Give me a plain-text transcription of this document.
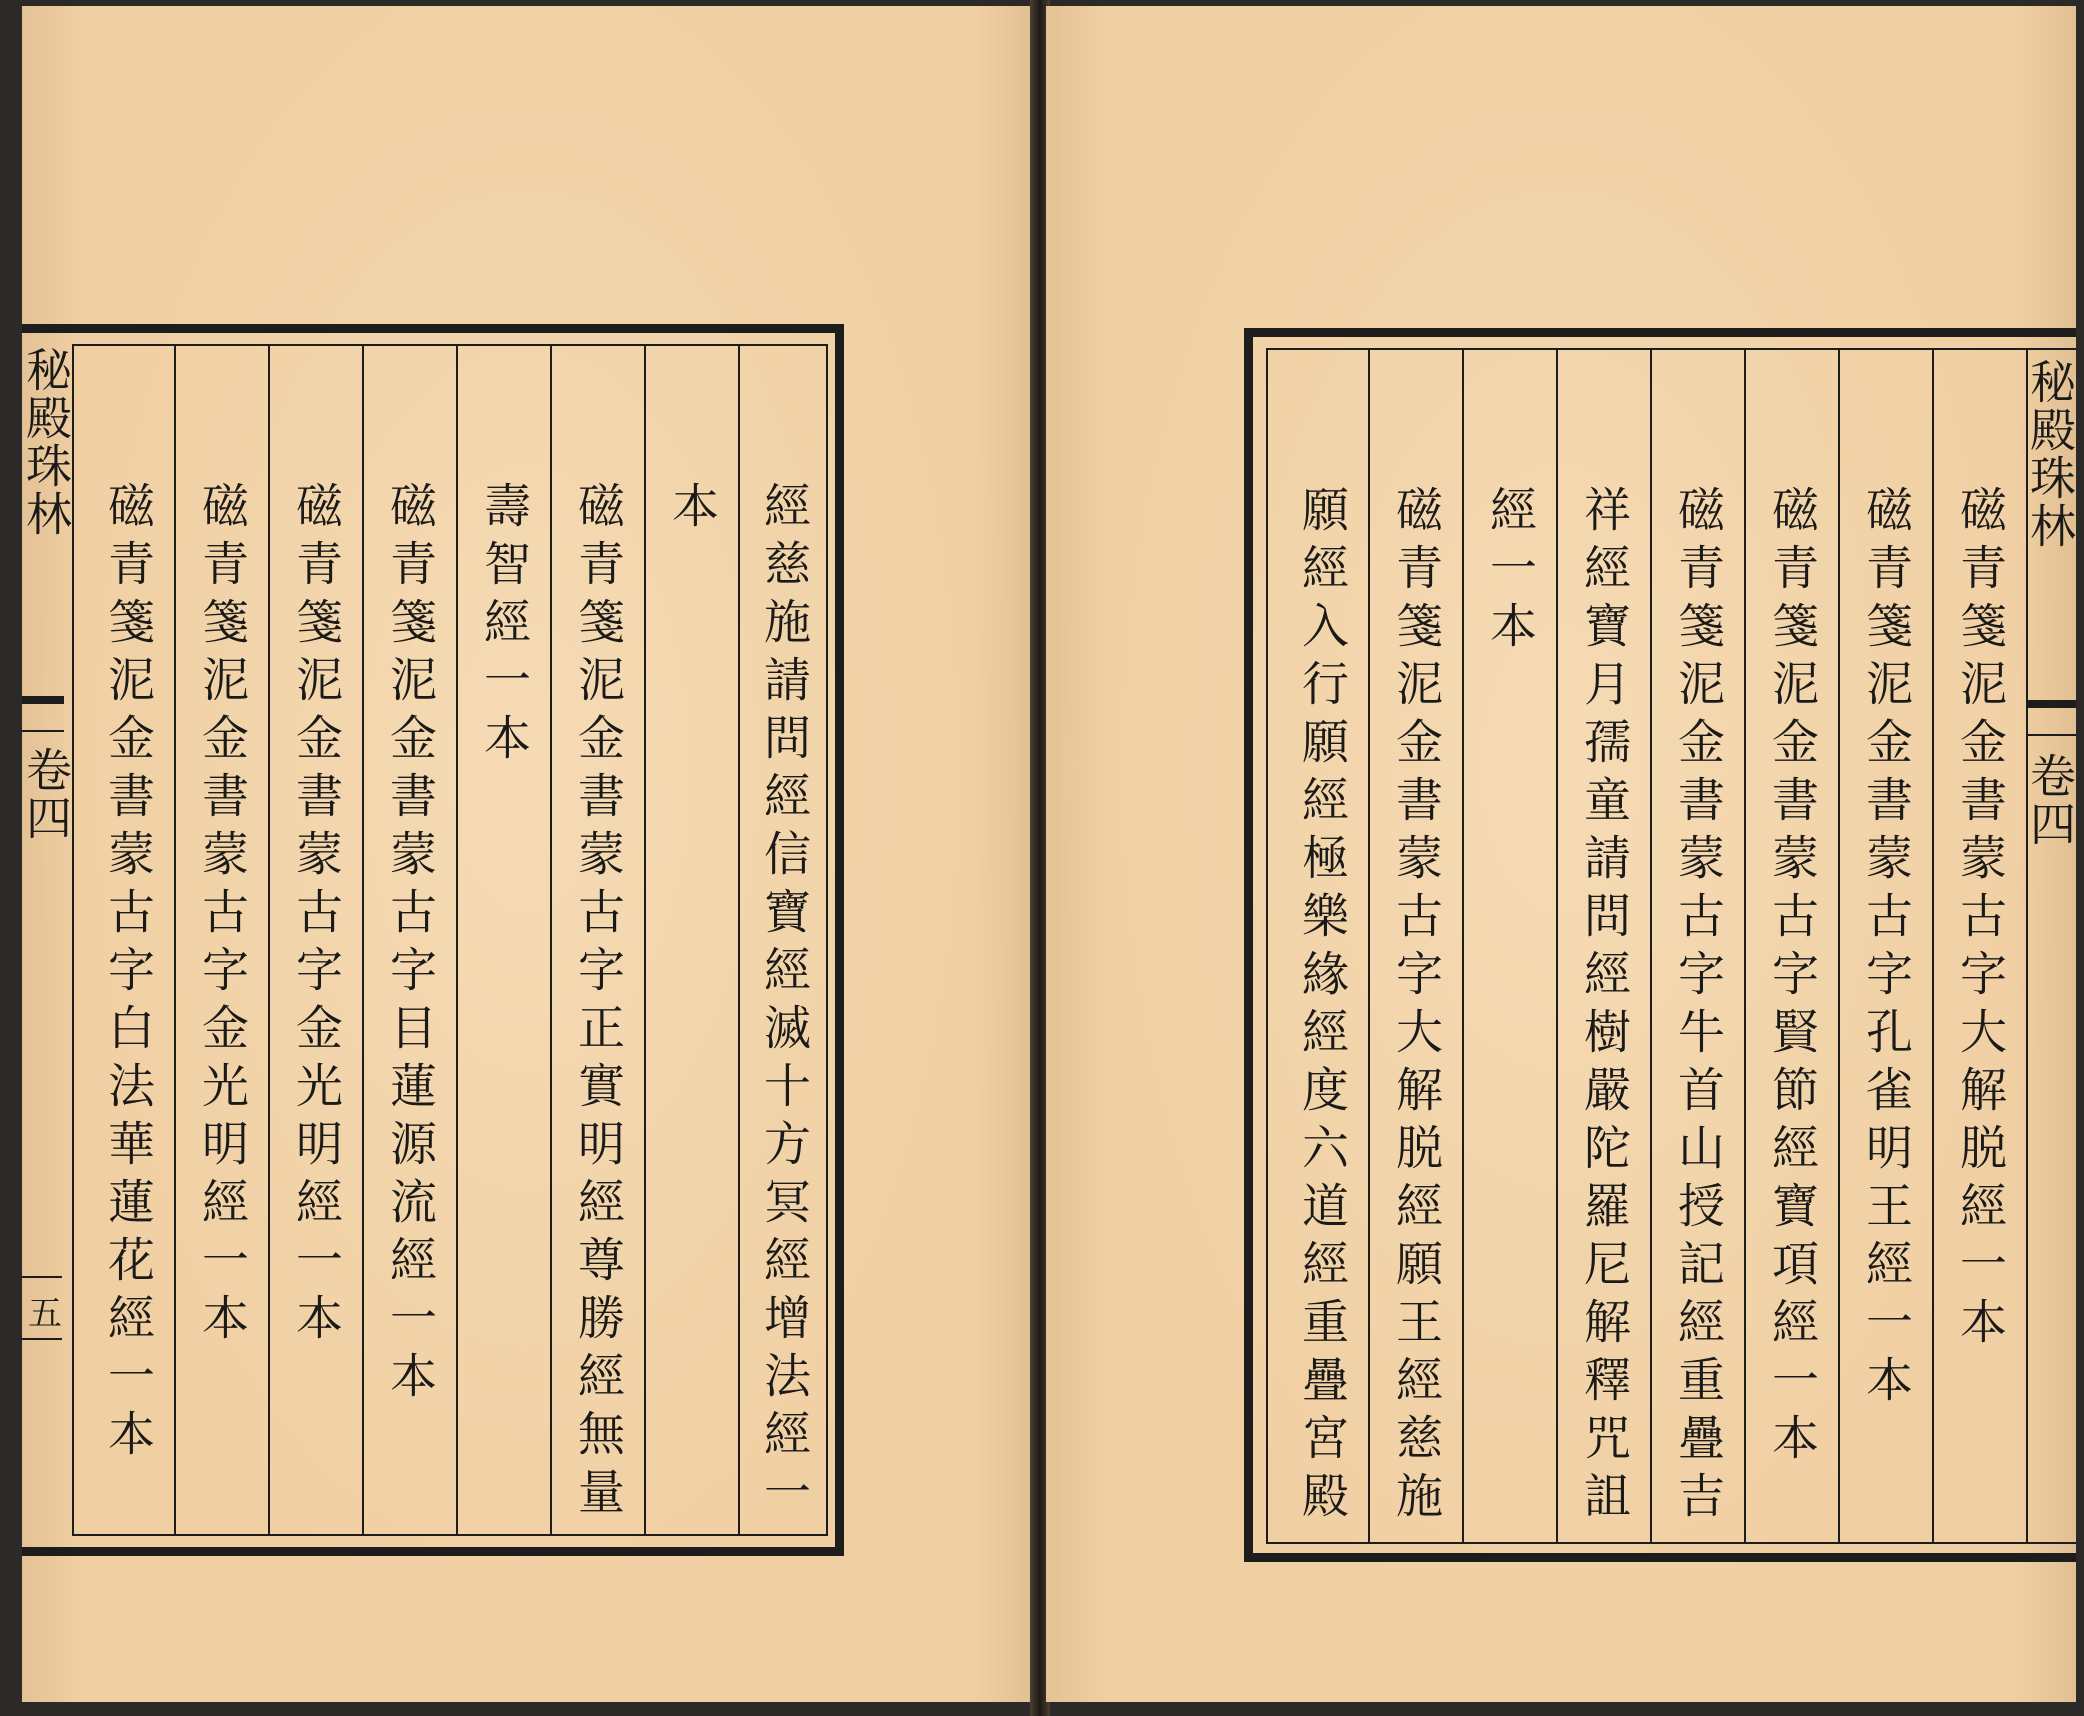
經慈施請問經信寶經滅十方冥經增法經一
本
磁青箋泥金書蒙古字正實明經尊勝經無量
壽智經一本
磁青箋泥金書蒙古字目蓮源流經一本
磁青箋泥金書蒙古字金光明經一本
磁青箋泥金書蒙古字金光明經一本
磁青箋泥金書蒙古字白法華蓮花經一本
秘殿珠林
卷四
五	磁青箋泥金書蒙古字大解脱經一本
磁青箋泥金書蒙古字孔雀明王經一本
磁青箋泥金書蒙古字賢節經寶項經一本
磁青箋泥金書蒙古字牛首山授記經重疊吉
祥經寶月孺童請問經樹嚴陀羅尼解釋咒詛
經一本
磁青箋泥金書蒙古字大解脱經願王經慈施
願經入行願經極樂緣經度六道經重疊宮殿
秘殿珠林
卷四
